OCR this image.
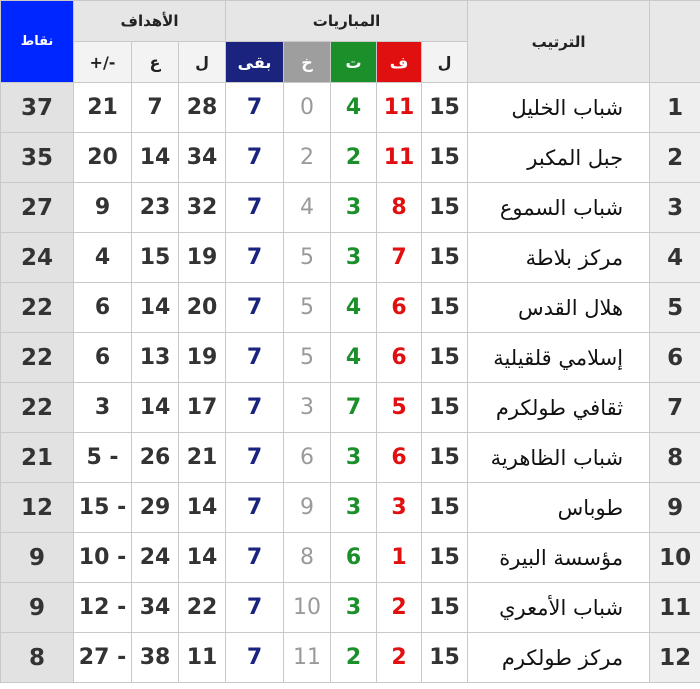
نقاط	الأهداف			المباريات					الترتيب	
	+/-	ع	ل	بقى	خ	ت	ف	ل		
37	21	7	28	7	0	4	11	15	شباب الخليل	1
35	20	14	34	7	2	2	11	15	جبل المكبر	2
27	9	23	32	7	4	3	8	15	شباب السموع	3
24	4	15	19	7	5	3	7	15	مركز بلاطة	4
22	6	14	20	7	5	4	6	15	هلال القدس	5
22	6	13	19	7	5	4	6	15	إسلامي قلقيلية	6
22	3	14	17	7	3	7	5	15	ثقافي طولكرم	7
21	5 -	26	21	7	6	3	6	15	شباب الظاهرية	8
12	15 -	29	14	7	9	3	3	15	طوباس	9
9	10 -	24	14	7	8	6	1	15	مؤسسة البيرة	10
9	12 -	34	22	7	10	3	2	15	شباب الأمعري	11
8	27 -	38	11	7	11	2	2	15	مركز طولكرم	12
